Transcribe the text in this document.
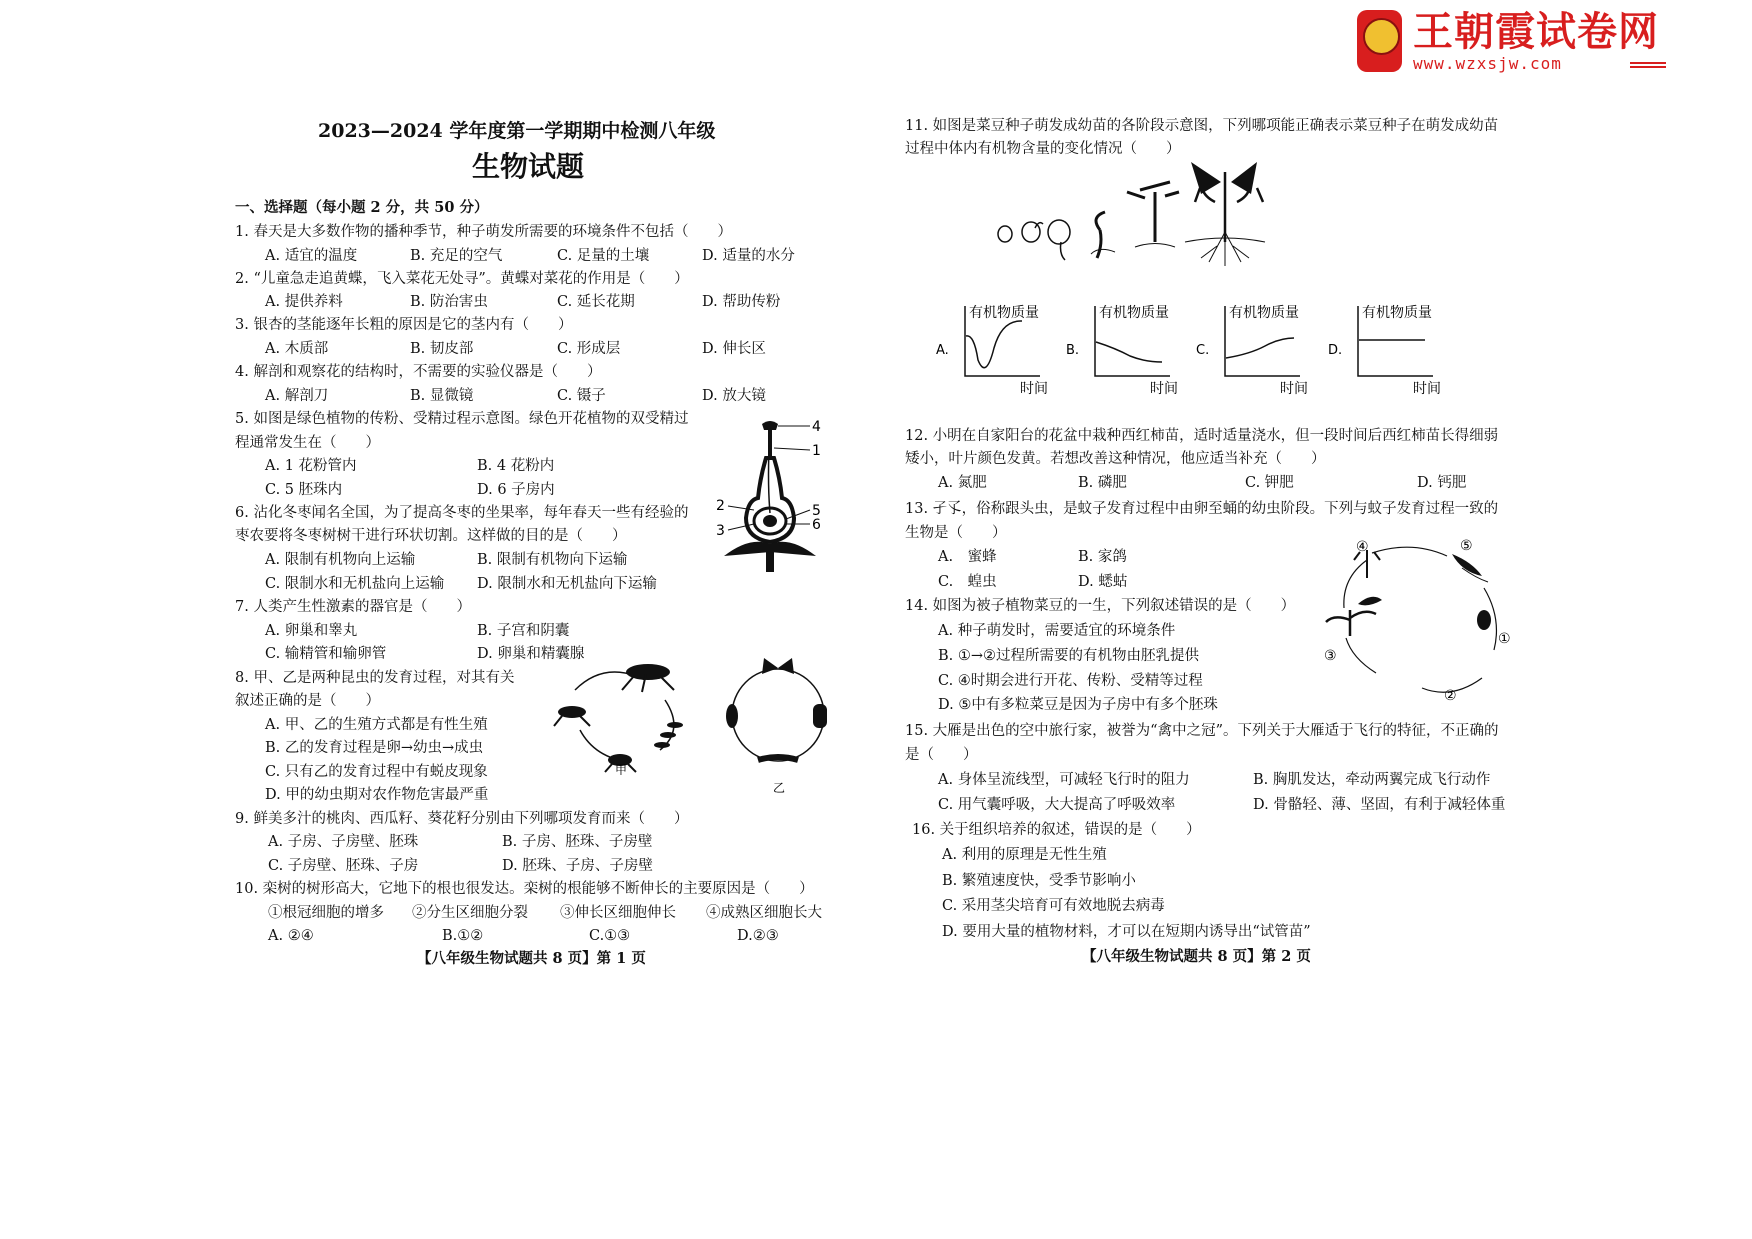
王朝霞试卷网
www.wzxsjw.com
2023—2024 学年度第一学期期中检测八年级
生物试题
一、选择题（每小题 2 分，共 50 分）
1. 春天是大多数作物的播种季节，种子萌发所需要的环境条件不包括（　　）
A. 适宜的温度	B. 充足的空气	C. 足量的土壤	D. 适量的水分
2. “儿童急走追黄蝶，飞入菜花无处寻”。黄蝶对菜花的作用是（　　）
A. 提供养料	B. 防治害虫	C. 延长花期	D. 帮助传粉
3. 银杏的茎能逐年长粗的原因是它的茎内有（　　）
A. 木质部	B. 韧皮部	C. 形成层	D. 伸长区
4. 解剖和观察花的结构时，不需要的实验仪器是（　　）
A. 解剖刀	B. 显微镜	C. 镊子	D. 放大镜
5. 如图是绿色植物的传粉、受精过程示意图。绿色开花植物的双受精过
程通常发生在（　　）
A. 1 花粉管内	B. 4 花粉内
C. 5 胚珠内	D. 6 子房内
6. 沾化冬枣闻名全国，为了提高冬枣的坐果率，每年春天一些有经验的
枣农要将冬枣树树干进行环状切割。这样做的目的是（　　）
A. 限制有机物向上运输	B. 限制有机物向下运输
C. 限制水和无机盐向上运输 D. 限制水和无机盐向下运输
7. 人类产生性激素的器官是（　　）
A. 卵巢和睾丸	B. 子宫和阴囊
C. 输精管和输卵管	D. 卵巢和精囊腺
8. 甲、乙是两种昆虫的发育过程，对其有关
叙述正确的是（　　）
A. 甲、乙的生殖方式都是有性生殖
B. 乙的发育过程是卵→幼虫→成虫
C. 只有乙的发育过程中有蜕皮现象
D. 甲的幼虫期对农作物危害最严重
9. 鲜美多汁的桃肉、西瓜籽、葵花籽分别由下列哪项发育而来（　　）
A. 子房、子房壁、胚珠	B. 子房、胚珠、子房壁
C. 子房壁、胚珠、子房	D. 胚珠、子房、子房壁
10. 栾树的树形高大，它地下的根也很发达。栾树的根能够不断伸长的主要原因是（　　）
①根冠细胞的增多 ②分生区细胞分裂 ③伸长区细胞伸长 ④成熟区细胞长大
A. ②④	B.①②	C.①③	D.②③
【八年级生物试题共 8 页】第 1 页
4
1
2
3
5
6
甲
乙
11. 如图是菜豆种子萌发成幼苗的各阶段示意图，下列哪项能正确表示菜豆种子在萌发成幼苗
过程中体内有机物含量的变化情况（　　）
A.	B.	C.	D.
有机物质量
时间
有机物质量
时间
有机物质量
时间
有机物质量
时间
12. 小明在自家阳台的花盆中栽种西红柿苗，适时适量浇水，但一段时间后西红柿苗长得细弱
矮小，叶片颜色发黄。若想改善这种情况，他应适当补充（　　）
A. 氮肥	B. 磷肥	C. 钾肥	D. 钙肥
13. 孑孓，俗称跟头虫，是蚊子发育过程中由卵至蛹的幼虫阶段。下列与蚊子发育过程一致的
生物是（　　）
A.　蜜蜂	B. 家鸽
C.　蝗虫	D. 蟋蛄
14. 如图为被子植物菜豆的一生，下列叙述错误的是（　　）
A. 种子萌发时，需要适宜的环境条件
B. ①→②过程所需要的有机物由胚乳提供
C. ④时期会进行开花、传粉、受精等过程
D. ⑤中有多粒菜豆是因为子房中有多个胚珠
④	⑤
①
②
③
15. 大雁是出色的空中旅行家，被誉为“禽中之冠”。下列关于大雁适于飞行的特征，不正确的
是（　　）
A. 身体呈流线型，可减轻飞行时的阻力	B. 胸肌发达，牵动两翼完成飞行动作
C. 用气囊呼吸，大大提高了呼吸效率	D. 骨骼轻、薄、坚固，有利于减轻体重
16. 关于组织培养的叙述，错误的是（　　）
A. 利用的原理是无性生殖
B. 繁殖速度快，受季节影响小
C. 采用茎尖培育可有效地脱去病毒
D. 要用大量的植物材料，才可以在短期内诱导出“试管苗”
【八年级生物试题共 8 页】第 2 页
